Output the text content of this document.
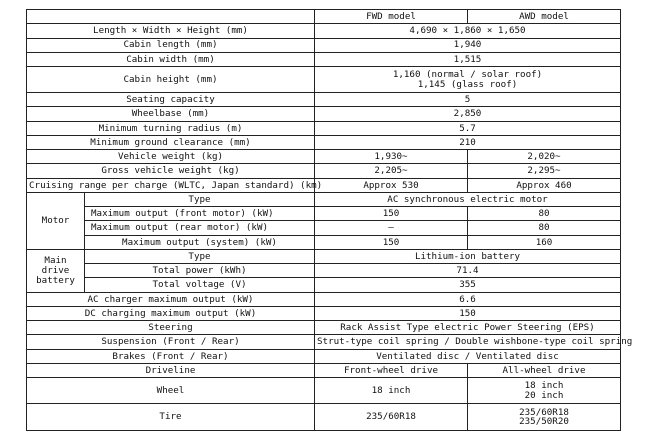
		FWD model	AWD model
Length × Width × Height (mm)		4,690 × 1,860 × 1,650	
Cabin length (mm)		1,940	
Cabin width (mm)		1,515	
Cabin height (mm)		1,160 (normal / solar roof)
1,145 (glass roof)	
Seating capacity		5	
Wheelbase (mm)		2,850	
Minimum turning radius (m)		5.7	
Minimum ground clearance (mm)		210	
Vehicle weight (kg)		1,930~	2,020~
Gross vehicle weight (kg)		2,205~	2,295~
Cruising range per charge (WLTC, Japan standard) (km)		Approx 530	Approx 460
Motor	Type	AC synchronous electric motor	
	Maximum output (front motor) (kW)	150	80
	Maximum output (rear motor) (kW)	–	80
	Maximum output (system) (kW)	150	160
Main drive
battery	Type	Lithium-ion battery	
	Total power (kWh)	71.4	
	Total voltage (V)	355	
AC charger maximum output (kW)		6.6	
DC charging maximum output (kW)		150	
Steering		Rack Assist Type electric Power Steering (EPS)	
Suspension (Front / Rear)		Strut-type coil spring / Double wishbone-type coil spring	
Brakes (Front / Rear)		Ventilated disc / Ventilated disc	
Driveline		Front-wheel drive	All-wheel drive
Wheel		18 inch	18 inch
20 inch
Tire		235/60R18	235/60R18
235/50R20
